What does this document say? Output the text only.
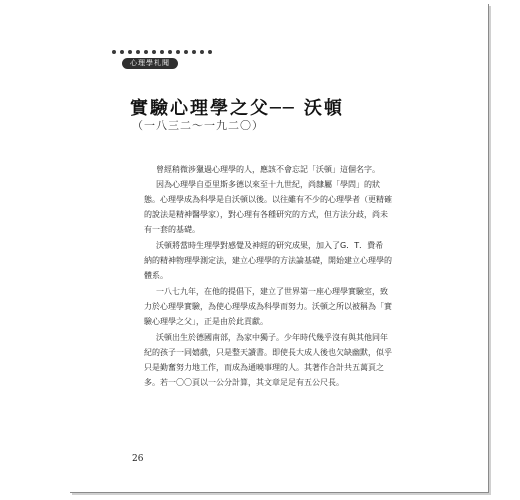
心理學札聞
實驗心理學之父── 沃頓
（一八三二〜一九二〇）
曾經稍微涉獵過心理學的人，應該不會忘記「沃頓」這個名字。
因為心理學自亞里斯多德以來至十九世紀，尚隸屬「學問」的狀
態。心理學成為科學是自沃頓以後。以往雖有不少的心理學者（更精確
的說法是精神醫學家），對心理有各種研究的方式，但方法分歧，尚未
有一套的基礎。
沃頓將當時生理學對感覺及神經的研究成果，加入了G．T．費希
納的精神物理學測定法，建立心理學的方法論基礎，開始建立心理學的
體系。
一八七九年，在他的提倡下，建立了世界第一座心理學實驗室，致
力於心理學實驗，為使心理學成為科學而努力。沃頓之所以被稱為「實
驗心理學之父」，正是由於此貢獻。
沃頓出生於德國南部，為家中獨子。少年時代幾乎沒有與其他同年
紀的孩子一同嬉戲，只是整天讀書。即使長大成人後也欠缺幽默，似乎
只是勤奮努力地工作，而成為通曉事理的人。其著作合計共五萬頁之
多。若一〇〇頁以一公分計算，其文章足足有五公尺長。
26
